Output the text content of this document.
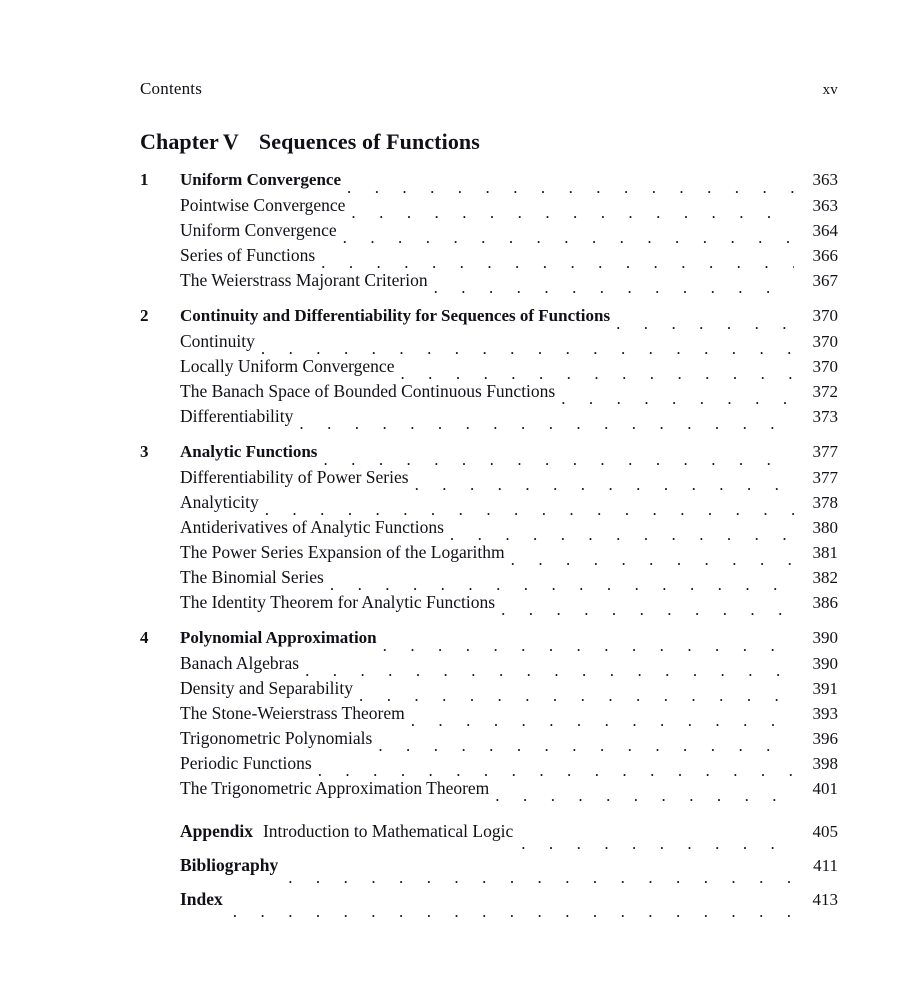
Contents	xv
Chapter V Sequences of Functions
1	Uniform Convergence . . .	363
Pointwise Convergence . . .	363
Uniform Convergence . . .	364
Series of Functions . . .	366
The Weierstrass Majorant Criterion . . .	367
2	Continuity and Differentiability for Sequences of Functions . . .	370
Continuity . . .	370
Locally Uniform Convergence . . .	370
The Banach Space of Bounded Continuous Functions . . .	372
Differentiability . . .	373
3	Analytic Functions . . .	377
Differentiability of Power Series . . .	377
Analyticity . . .	378
Antiderivatives of Analytic Functions . . .	380
The Power Series Expansion of the Logarithm . . .	381
The Binomial Series . . .	382
The Identity Theorem for Analytic Functions . . .	386
4	Polynomial Approximation . . .	390
Banach Algebras . . .	390
Density and Separability . . .	391
The Stone-Weierstrass Theorem . . .	393
Trigonometric Polynomials . . .	396
Periodic Functions . . .	398
The Trigonometric Approximation Theorem . . .	401
Appendix Introduction to Mathematical Logic . . .	405
Bibliography . . .	411
Index . . .	413
